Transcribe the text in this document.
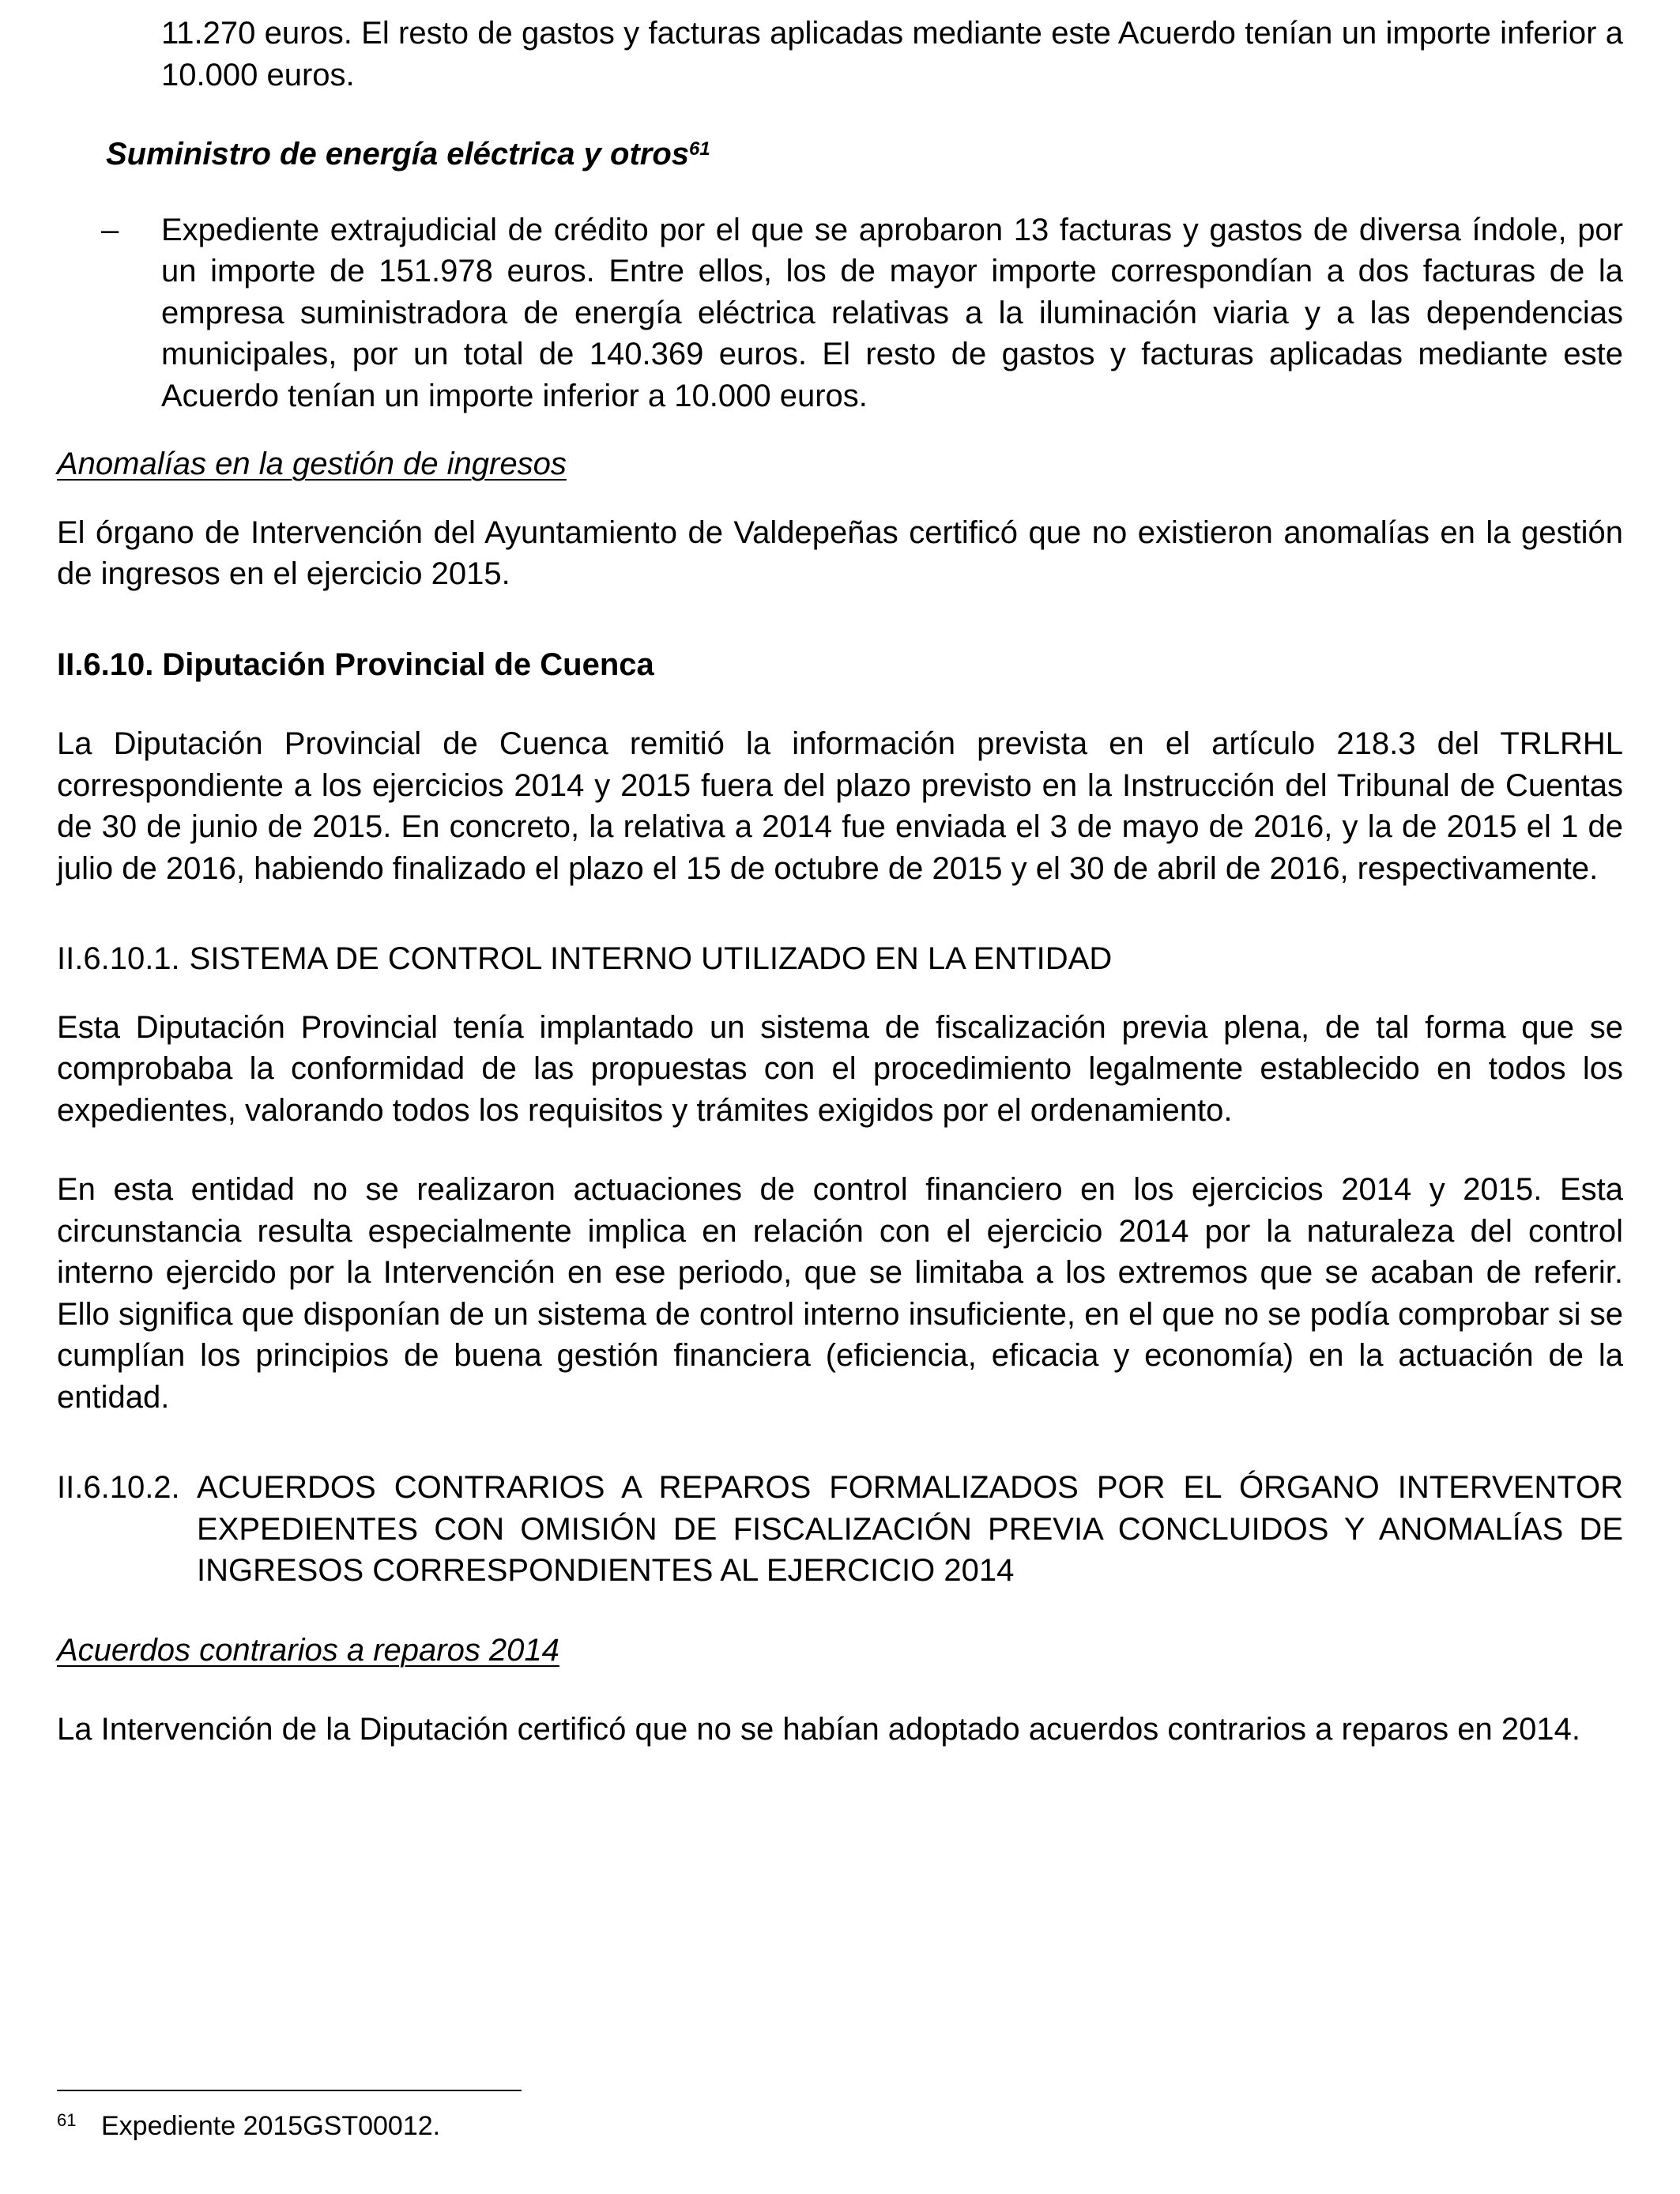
11.270 euros. El resto de gastos y facturas aplicadas mediante este Acuerdo tenían un importe inferior a 10.000 euros.

Suministro de energía eléctrica y otros$^{61}$

–	Expediente extrajudicial de crédito por el que se aprobaron 13 facturas y gastos de diversa índole, por un importe de 151.978 euros. Entre ellos, los de mayor importe correspondían a dos facturas de la empresa suministradora de energía eléctrica relativas a la iluminación viaria y a las dependencias municipales, por un total de 140.369 euros. El resto de gastos y facturas aplicadas mediante este Acuerdo tenían un importe inferior a 10.000 euros.

Anomalías en la gestión de ingresos

El órgano de Intervención del Ayuntamiento de Valdepeñas certificó que no existieron anomalías en la gestión de ingresos en el ejercicio 2015.

II.6.10. Diputación Provincial de Cuenca

La Diputación Provincial de Cuenca remitió la información prevista en el artículo 218.3 del TRLRHL correspondiente a los ejercicios 2014 y 2015 fuera del plazo previsto en la Instrucción del Tribunal de Cuentas de 30 de junio de 2015. En concreto, la relativa a 2014 fue enviada el 3 de mayo de 2016, y la de 2015 el 1 de julio de 2016, habiendo finalizado el plazo el 15 de octubre de 2015 y el 30 de abril de 2016, respectivamente.

II.6.10.1. SISTEMA DE CONTROL INTERNO UTILIZADO EN LA ENTIDAD

Esta Diputación Provincial tenía implantado un sistema de fiscalización previa plena, de tal forma que se comprobaba la conformidad de las propuestas con el procedimiento legalmente establecido en todos los expedientes, valorando todos los requisitos y trámites exigidos por el ordenamiento.

En esta entidad no se realizaron actuaciones de control financiero en los ejercicios 2014 y 2015. Esta circunstancia resulta especialmente implica en relación con el ejercicio 2014 por la naturaleza del control interno ejercido por la Intervención en ese periodo, que se limitaba a los extremos que se acaban de referir. Ello significa que disponían de un sistema de control interno insuficiente, en el que no se podía comprobar si se cumplían los principios de buena gestión financiera (eficiencia, eficacia y economía) en la actuación de la entidad.

II.6.10.2. ACUERDOS CONTRARIOS A REPAROS FORMALIZADOS POR EL ÓRGANO INTERVENTOR EXPEDIENTES CON OMISIÓN DE FISCALIZACIÓN PREVIA CONCLUIDOS Y ANOMALÍAS DE INGRESOS CORRESPONDIENTES AL EJERCICIO 2014

Acuerdos contrarios a reparos 2014

La Intervención de la Diputación certificó que no se habían adoptado acuerdos contrarios a reparos en 2014.

61 Expediente 2015GST00012.
